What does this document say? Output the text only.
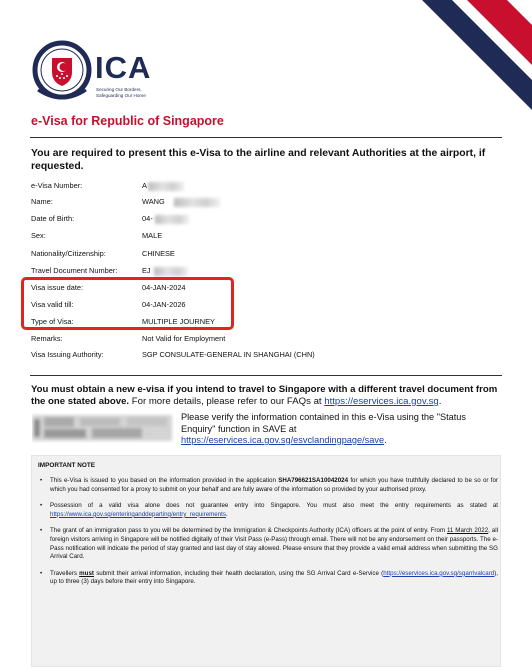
ICA
Securing Our Borders,
Safeguarding Our Home
e-Visa for Republic of Singapore
You are required to present this e-Visa to the airline and relevant Authorities at the airport, if requested.
e-Visa Number:	A
Name:	WANG
Date of Birth:	04-
Sex:	MALE
Nationality/Citizenship:	CHINESE
Travel Document Number:	EJ
Visa issue date:	04-JAN-2024
Visa valid till:	04-JAN-2026
Type of Visa:	MULTIPLE JOURNEY
Remarks:	Not Valid for Employment
Visa Issuing Authority:	SGP CONSULATE-GENERAL IN SHANGHAI (CHN)
You must obtain a new e-visa if you intend to travel to Singapore with a different travel document from the one stated above. For more details, please refer to our FAQs at https://eservices.ica.gov.sg.
Please verify the information contained in this e-Visa using the "Status Enquiry" function in SAVE at https://eservices.ica.gov.sg/esvclandingpage/save.
IMPORTANT NOTE
• This e-Visa is issued to you based on the information provided in the application SHA796621SA10042024 for which you have truthfully declared to be so or for which you had consented for a proxy to submit on your behalf and are fully aware of the information so provided by your authorised proxy.
• Possession of a valid visa alone does not guarantee entry into Singapore. You must also meet the entry requirements as stated at https://www.ica.gov.sg/enteringanddeparting/entry_requirements.
• The grant of an immigration pass to you will be determined by the Immigration & Checkpoints Authority (ICA) officers at the point of entry. From 11 March 2022, all foreign visitors arriving in Singapore will be notified digitally of their Visit Pass (e-Pass) through email. There will not be any endorsement on their passports. The e-Pass notification will indicate the period of stay granted and last day of stay allowed. Please ensure that they provide a valid email address when submitting the SG Arrival Card.
• Travellers must submit their arrival information, including their health declaration, using the SG Arrival Card e-Service (https://eservices.ica.gov.sg/sgarrivalcard), up to three (3) days before their entry into Singapore.
